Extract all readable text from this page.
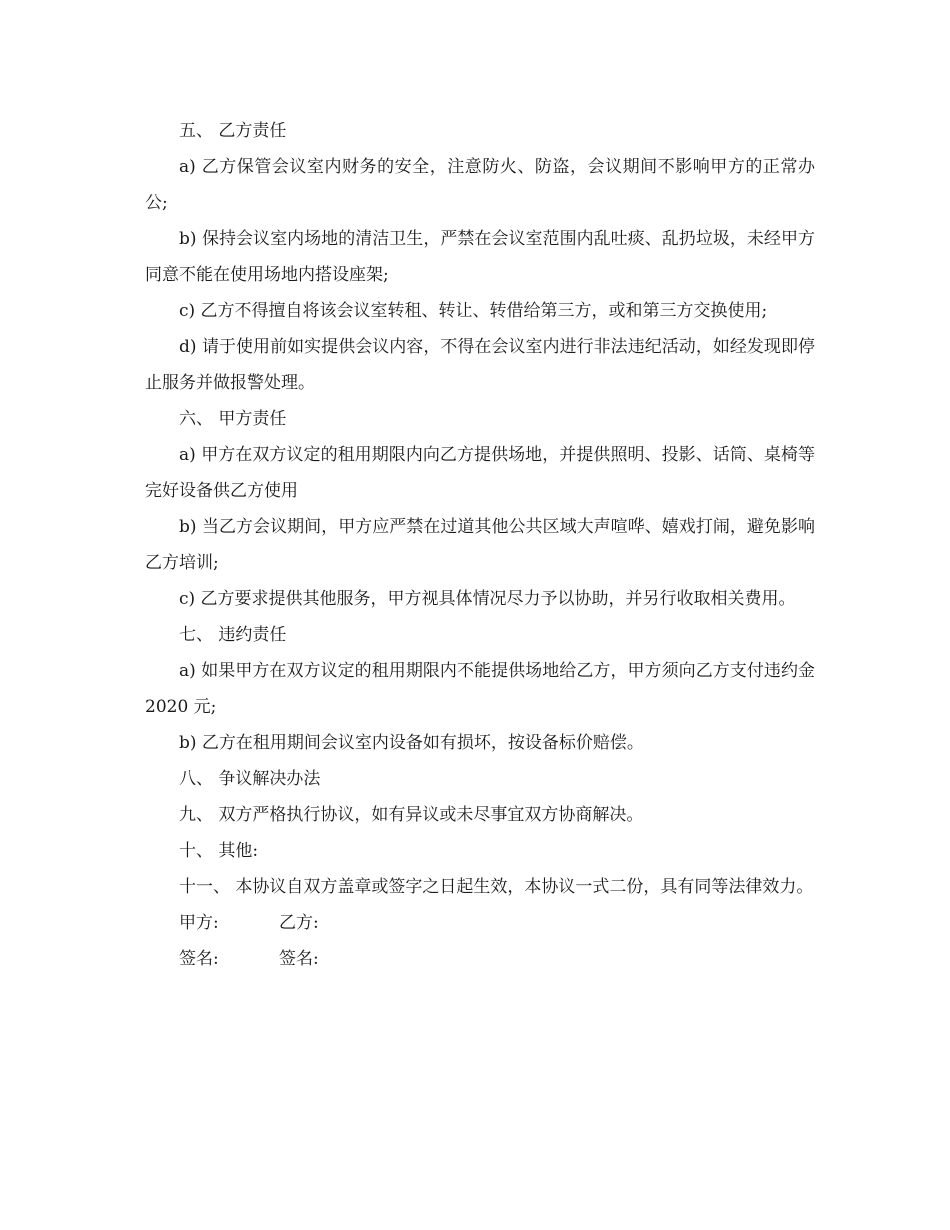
五、 乙方责任

a) 乙方保管会议室内财务的安全，注意防火、防盗，会议期间不影响甲方的正常办公;

b) 保持会议室内场地的清洁卫生，严禁在会议室范围内乱吐痰、乱扔垃圾，未经甲方同意不能在使用场地内搭设座架;

c) 乙方不得擅自将该会议室转租、转让、转借给第三方，或和第三方交换使用;

d) 请于使用前如实提供会议内容，不得在会议室内进行非法违纪活动，如经发现即停止服务并做报警处理。

六、 甲方责任

a) 甲方在双方议定的租用期限内向乙方提供场地，并提供照明、投影、话筒、桌椅等完好设备供乙方使用

b) 当乙方会议期间，甲方应严禁在过道其他公共区域大声喧哗、嬉戏打闹，避免影响乙方培训;

c) 乙方要求提供其他服务，甲方视具体情况尽力予以协助，并另行收取相关费用。

七、 违约责任

a) 如果甲方在双方议定的租用期限内不能提供场地给乙方，甲方须向乙方支付违约金 2020 元;

b) 乙方在租用期间会议室内设备如有损坏，按设备标价赔偿。

八、 争议解决办法

九、 双方严格执行协议，如有异议或未尽事宜双方协商解决。

十、 其他:

十一、 本协议自双方盖章或签字之日起生效，本协议一式二份，具有同等法律效力。

甲方:	乙方:
签名:	签名:
